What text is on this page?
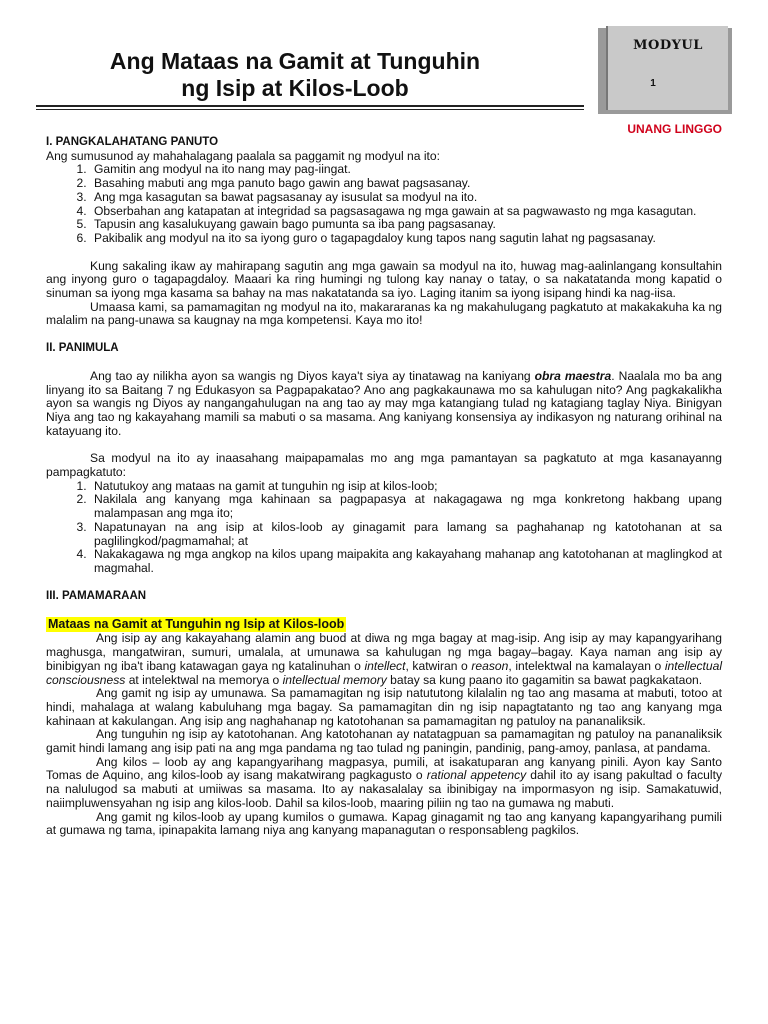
Ang Mataas na Gamit at Tunguhin
ng Isip at Kilos-Loob
MODYUL
1
UNANG LINGGO
I. PANGKALAHATANG PANUTO

Ang sumusunod ay mahahalagang paalala sa paggamit ng modyul na ito:

1. Gamitin ang modyul na ito nang may pag-iingat.
2. Basahing mabuti ang mga panuto bago gawin ang bawat pagsasanay.
3. Ang mga kasagutan sa bawat pagsasanay ay isusulat sa modyul na ito.
4. Obserbahan ang katapatan at integridad sa pagsasagawa ng mga gawain at sa pagwawasto ng mga kasagutan.
5. Tapusin ang kasalukuyang gawain bago pumunta sa iba pang pagsasanay.
6. Pakibalik ang modyul na ito sa iyong guro o tagapagdaloy kung tapos nang sagutin lahat ng pagsasanay.

Kung sakaling ikaw ay mahirapang sagutin ang mga gawain sa modyul na ito, huwag mag-aalinlangang konsultahin ang inyong guro o tagapagdaloy. Maaari ka ring humingi ng tulong kay nanay o tatay, o sa nakatatanda mong kapatid o sinuman sa iyong mga kasama sa bahay na mas nakatatanda sa iyo. Laging itanim sa iyong isipang hindi ka nag-iisa.

Umaasa kami, sa pamamagitan ng modyul na ito, makararanas ka ng makahulugang pagkatuto at makakakuha ka ng malalim na pang-unawa sa kaugnay na mga kompetensi. Kaya mo ito!

II. PANIMULA

Ang tao ay nilikha ayon sa wangis ng Diyos kaya't siya ay tinatawag na kaniyang obra maestra. Naalala mo ba ang linyang ito sa Baitang 7 ng Edukasyon sa Pagpapakatao? Ano ang pagkakaunawa mo sa kahulugan nito? Ang pagkakalikha ayon sa wangis ng Diyos ay nangangahulugan na ang tao ay may mga katangiang tulad ng katagiang taglay Niya. Binigyan Niya ang tao ng kakayahang mamili sa mabuti o sa masama. Ang kaniyang konsensiya ay indikasyon ng naturang orihinal na katayuang ito.

Sa modyul na ito ay inaasahang maipapamalas mo ang mga pamantayan sa pagkatuto at mga kasanayanng pampagkatuto:

1. Natutukoy ang mataas na gamit at tunguhin ng isip at kilos-loob;
2. Nakilala ang kanyang mga kahinaan sa pagpapasya at nakagagawa ng mga konkretong hakbang upang malampasan ang mga ito;
3. Napatunayan na ang isip at kilos-loob ay ginagamit para lamang sa paghahanap ng katotohanan at sa paglilingkod/pagmamahal; at
4. Nakakagawa ng mga angkop na kilos upang maipakita ang kakayahang mahanap ang katotohanan at maglingkod at magmahal.
III. PAMAMARAAN
Mataas na Gamit at Tunguhin ng Isip at Kilos-loob

Ang isip ay ang kakayahang alamin ang buod at diwa ng mga bagay at mag-isip. Ang isip ay may kapangyarihang maghusga, mangatwiran, sumuri, umalala, at umunawa sa kahulugan ng mga bagay–bagay. Kaya naman ang isip ay binibigyan ng iba't ibang katawagan gaya ng katalinuhan o intellect, katwiran o reason, intelektwal na kamalayan o intellectual consciousness at intelektwal na memorya o intellectual memory batay sa kung paano ito gagamitin sa bawat pagkakataon.

Ang gamit ng isip ay umunawa. Sa pamamagitan ng isip natututong kilalalin ng tao ang masama at mabuti, totoo at hindi, mahalaga at walang kabuluhang mga bagay. Sa pamamagitan din ng isip napagtatanto ng tao ang kanyang mga kahinaan at kakulangan. Ang isip ang naghahanap ng katotohanan sa pamamagitan ng patuloy na pananaliksik.

Ang tunguhin ng isip ay katotohanan. Ang katotohanan ay natatagpuan sa pamamagitan ng patuloy na pananaliksik gamit hindi lamang ang isip pati na ang mga pandama ng tao tulad ng paningin, pandinig, pang-amoy, panlasa, at pandama.

Ang kilos – loob ay ang kapangyarihang magpasya, pumili, at isakatuparan ang kanyang pinili. Ayon kay Santo Tomas de Aquino, ang kilos-loob ay isang makatwirang pagkagusto o rational appetency dahil ito ay isang pakultad o faculty na nalulugod sa mabuti at umiiwas sa masama. Ito ay nakasalalay sa ibinibigay na impormasyon ng isip. Samakatuwid, naiimpluwensyahan ng isip ang kilos-loob. Dahil sa kilos-loob, maaring piliin ng tao na gumawa ng mabuti.

Ang gamit ng kilos-loob ay upang kumilos o gumawa. Kapag ginagamit ng tao ang kanyang kapangyarihang pumili at gumawa ng tama, ipinapakita lamang niya ang kanyang mapanagutan o responsableng pagkilos.
